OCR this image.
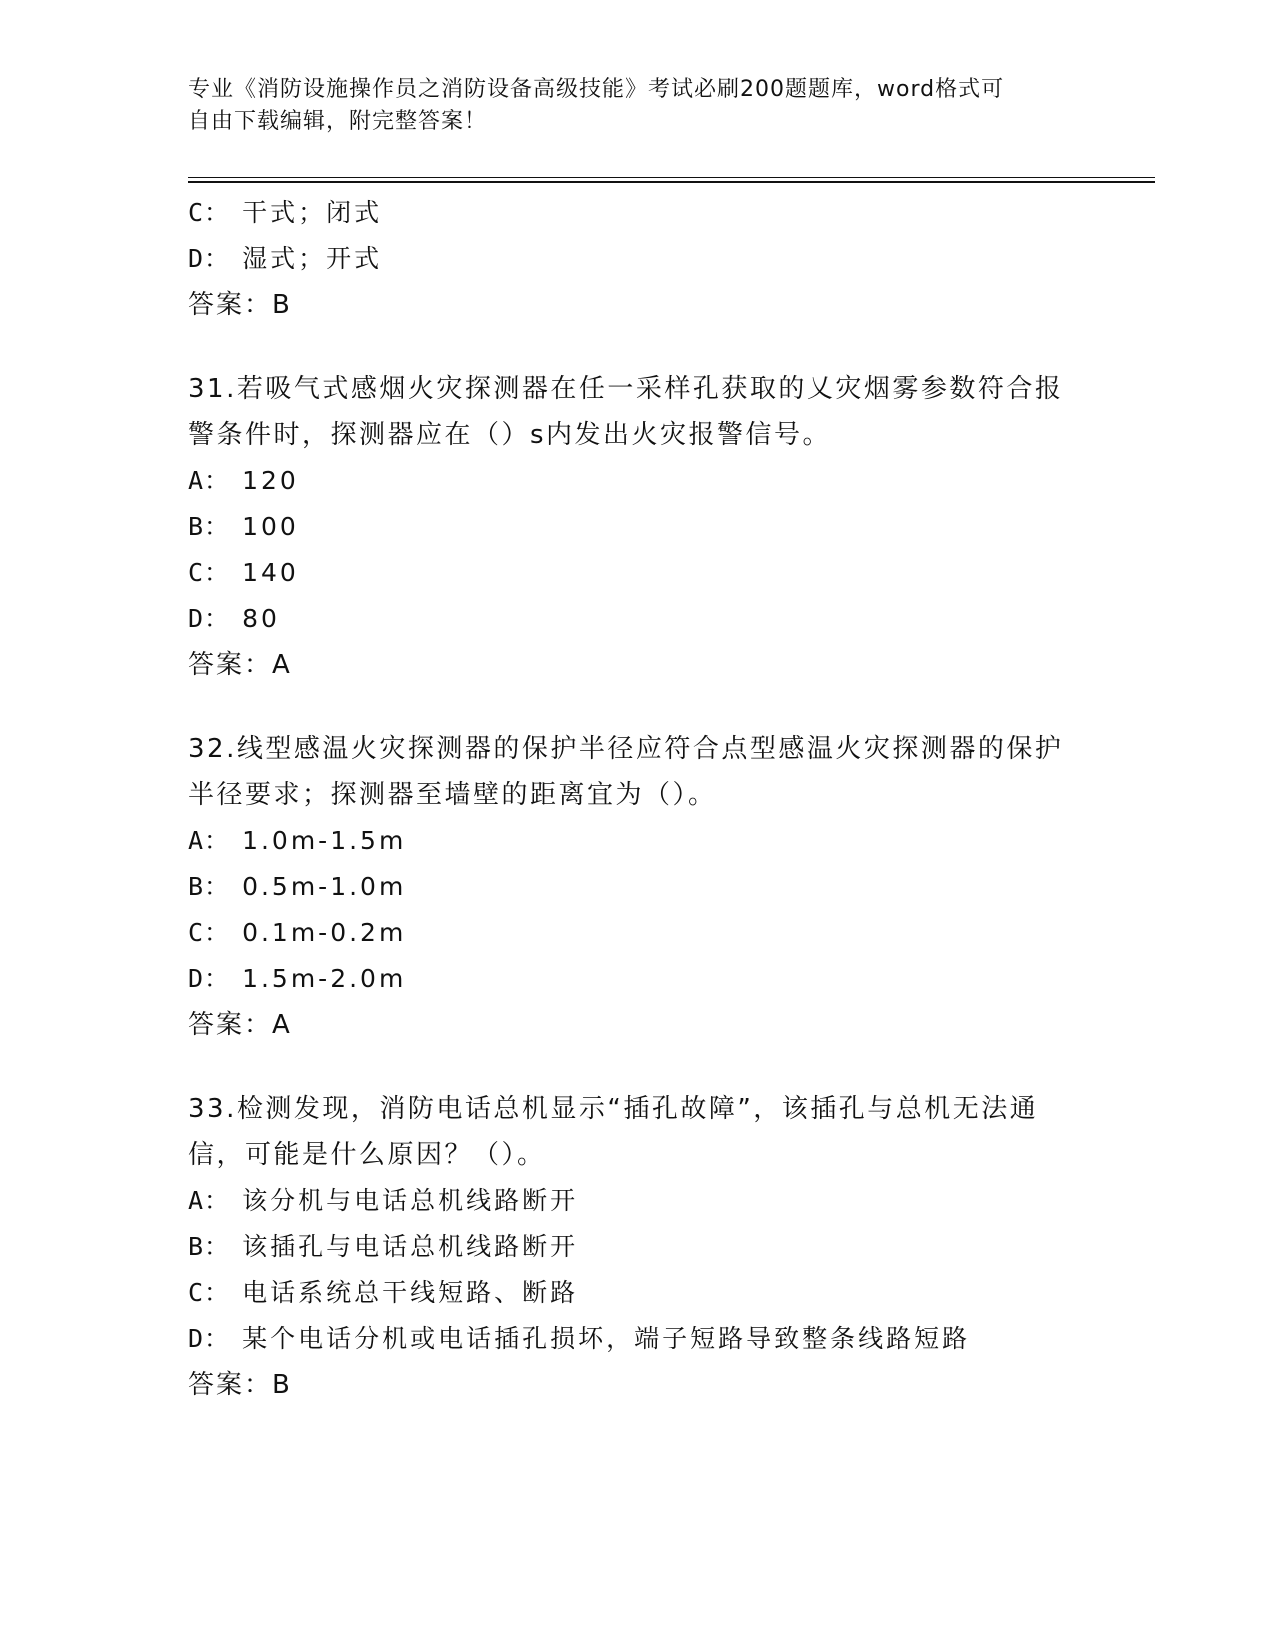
专业《消防设施操作员之消防设备高级技能》考试必刷200题题库，word格式可
自由下载编辑，附完整答案！
C： 干式；闭式
D： 湿式；开式
答案：B
31.若吸气式感烟火灾探测器在任一采样孔获取的乂灾烟雾参数符合报警条件时，探测器应在（）s内发出火灾报警信号。
A： 120
B： 100
C： 140
D： 80
答案：A
32.线型感温火灾探测器的保护半径应符合点型感温火灾探测器的保护半径要求；探测器至墙壁的距离宜为（）。
A： 1.0m-1.5m
B： 0.5m-1.0m
C： 0.1m-0.2m
D： 1.5m-2.0m
答案：A
33.检测发现，消防电话总机显示“插孔故障”，该插孔与总机无法通信，可能是什么原因？（）。
A： 该分机与电话总机线路断开
B： 该插孔与电话总机线路断开
C： 电话系统总干线短路、断路
D： 某个电话分机或电话插孔损坏，端子短路导致整条线路短路
答案：B
